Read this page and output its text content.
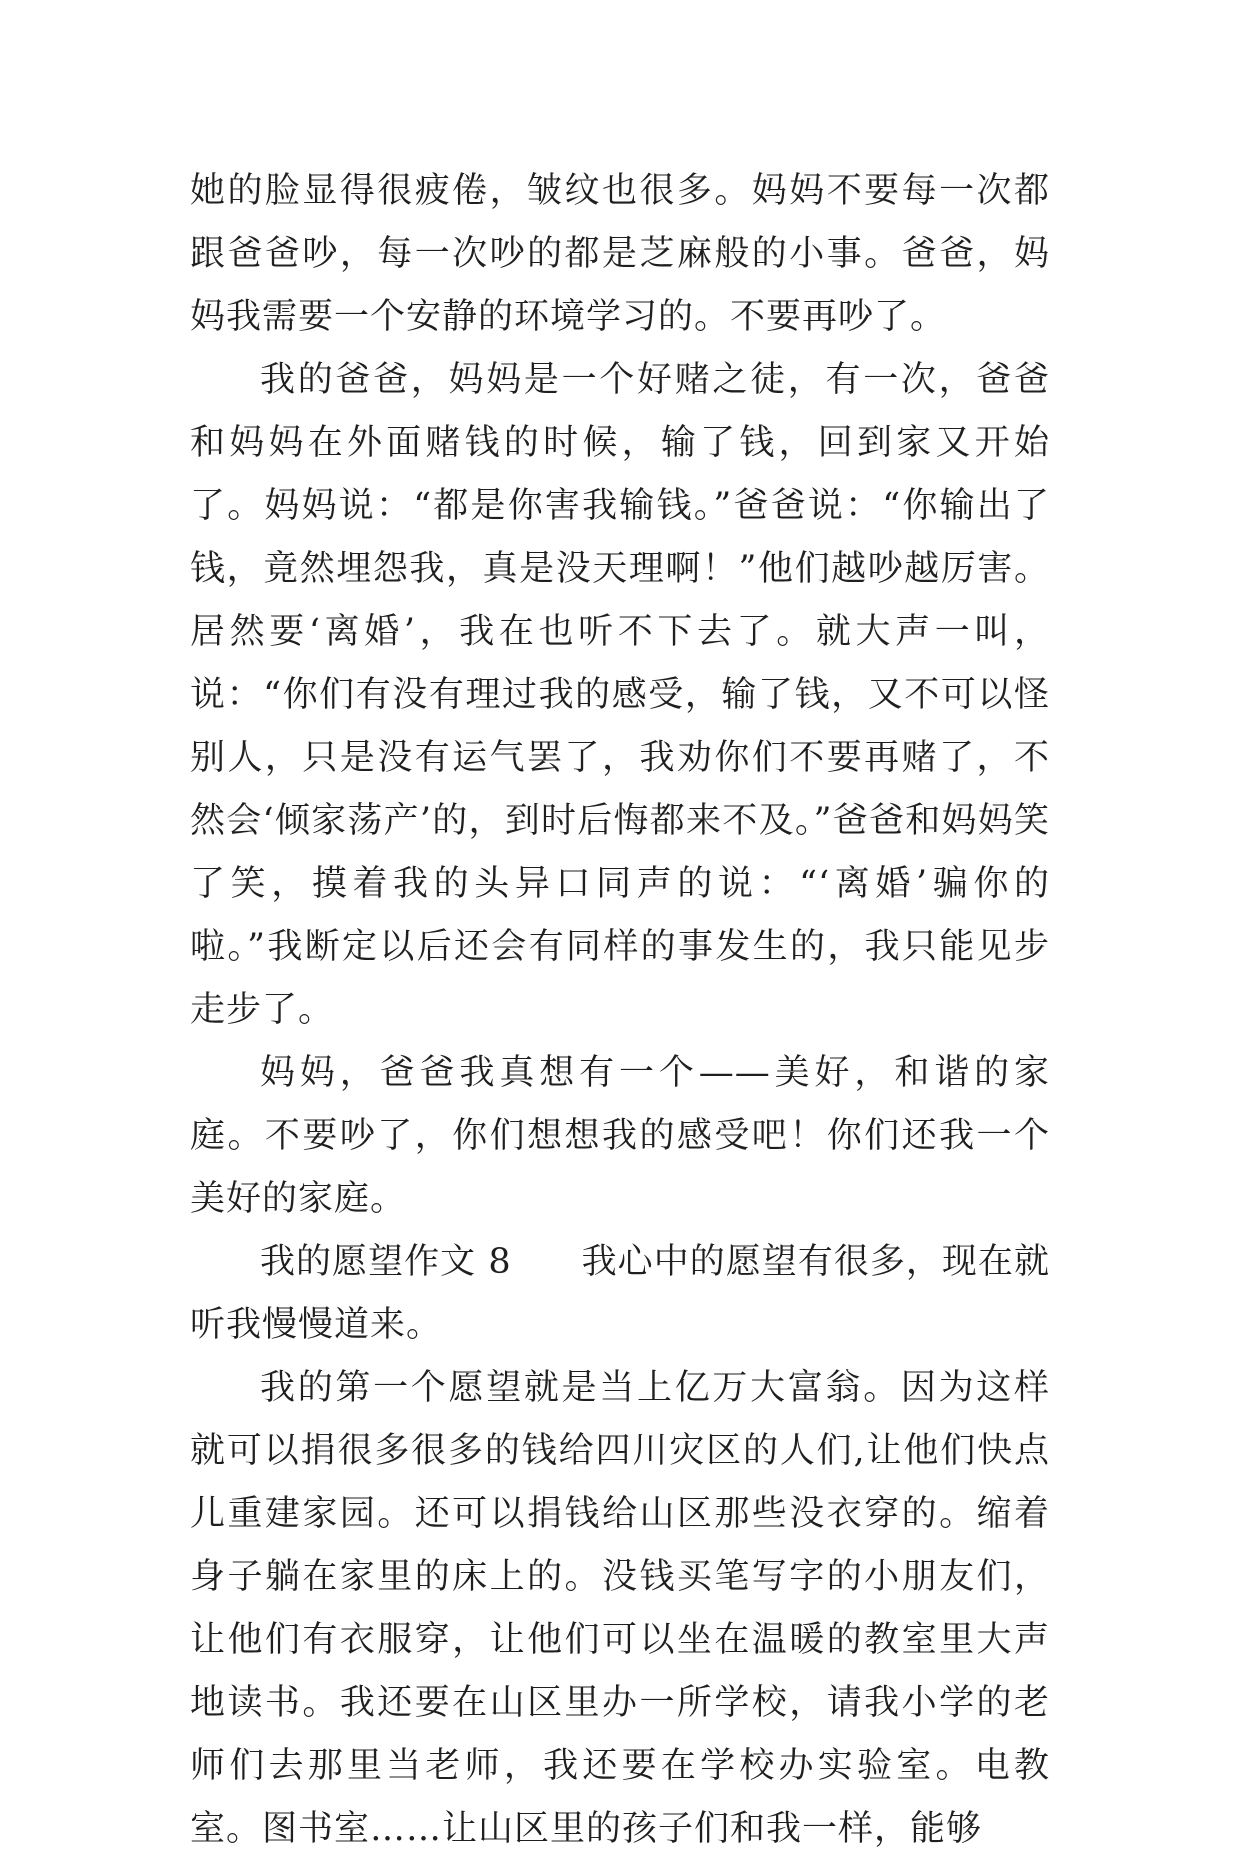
她的脸显得很疲倦，皱纹也很多。妈妈不要每一次都跟爸爸吵，每一次吵的都是芝麻般的小事。爸爸，妈妈我需要一个安静的环境学习的。不要再吵了。

我的爸爸，妈妈是一个好赌之徒，有一次，爸爸和妈妈在外面赌钱的时候，输了钱，回到家又开始了。妈妈说：“都是你害我输钱。”爸爸说：“你输出了钱，竟然埋怨我，真是没天理啊！”他们越吵越厉害。居然要‘离婚’，我在也听不下去了。就大声一叫，说：“你们有没有理过我的感受，输了钱，又不可以怪别人，只是没有运气罢了，我劝你们不要再赌了，不然会‘倾家荡产’的，到时后悔都来不及。”爸爸和妈妈笑了笑，摸着我的头异口同声的说：“‘离婚’骗你的啦。”我断定以后还会有同样的事发生的，我只能见步走步了。

妈妈，爸爸我真想有一个——美好，和谐的家庭。不要吵了，你们想想我的感受吧！你们还我一个美好的家庭。

我的愿望作文 8 我心中的愿望有很多，现在就听我慢慢道来。

我的第一个愿望就是当上亿万大富翁。因为这样就可以捐很多很多的钱给四川灾区的人们,让他们快点儿重建家园。还可以捐钱给山区那些没衣穿的。缩着身子躺在家里的床上的。没钱买笔写字的小朋友们，让他们有衣服穿，让他们可以坐在温暖的教室里大声地读书。我还要在山区里办一所学校，请我小学的老师们去那里当老师，我还要在学校办实验室。电教室。图书室……让山区里的孩子们和我一样，能够
